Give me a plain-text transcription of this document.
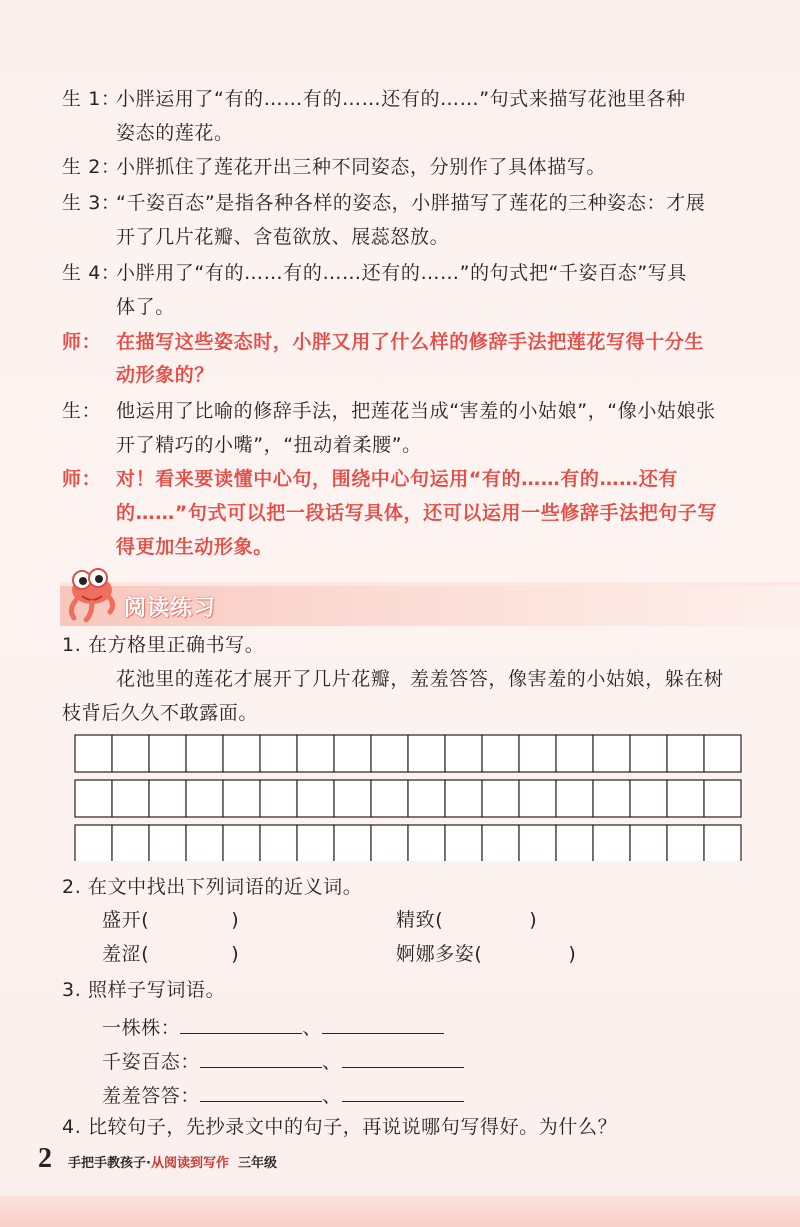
生 1：小胖运用了“有的……有的……还有的……”句式来描写花池里各种
姿态的莲花。
生 2：小胖抓住了莲花开出三种不同姿态，分别作了具体描写。
生 3：“千姿百态”是指各种各样的姿态，小胖描写了莲花的三种姿态：才展
开了几片花瓣、含苞欲放、展蕊怒放。
生 4：小胖用了“有的……有的……还有的……”的句式把“千姿百态”写具
体了。
师： 在描写这些姿态时，小胖又用了什么样的修辞手法把莲花写得十分生
动形象的？
生： 他运用了比喻的修辞手法，把莲花当成“害羞的小姑娘”，“像小姑娘张
开了精巧的小嘴”，“扭动着柔腰”。
师： 对！看来要读懂中心句，围绕中心句运用“有的……有的……还有
的……”句式可以把一段话写具体，还可以运用一些修辞手法把句子写
得更加生动形象。
阅读练习
1. 在方格里正确书写。
花池里的莲花才展开了几片花瓣，羞羞答答，像害羞的小姑娘，躲在树
枝背后久久不敢露面。
2. 在文中找出下列词语的近义词。
盛开(	)	精致(	)
羞涩(	)	婀娜多姿(	)
3. 照样子写词语。
一株株：	、
千姿百态：	、
羞羞答答：	、
4. 比较句子，先抄录文中的句子，再说说哪句写得好。为什么？
2 手把手教孩子·从阅读到写作 三年级
